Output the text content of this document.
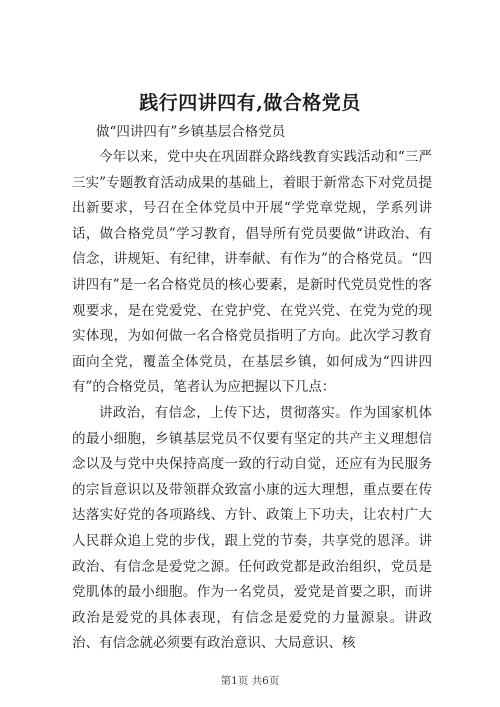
践行四讲四有,做合格党员

做“四讲四有”乡镇基层合格党员

今年以来，党中央在巩固群众路线教育实践活动和“三严三实”专题教育活动成果的基础上，着眼于新常态下对党员提出新要求，号召在全体党员中开展“学党章党规，学系列讲话，做合格党员”学习教育，倡导所有党员要做“讲政治、有信念，讲规矩、有纪律，讲奉献、有作为”的合格党员。“四讲四有”是一名合格党员的核心要素，是新时代党员党性的客观要求，是在党爱党、在党护党、在党兴党、在党为党的现实体现，为如何做一名合格党员指明了方向。此次学习教育面向全党，覆盖全体党员，在基层乡镇，如何成为“四讲四有”的合格党员，笔者认为应把握以下几点：

讲政治，有信念，上传下达，贯彻落实。作为国家机体的最小细胞，乡镇基层党员不仅要有坚定的共产主义理想信念以及与党中央保持高度一致的行动自觉，还应有为民服务的宗旨意识以及带领群众致富小康的远大理想，重点要在传达落实好党的各项路线、方针、政策上下功夫，让农村广大人民群众追上党的步伐，跟上党的节奏，共享党的恩泽。讲政治、有信念是爱党之源。任何政党都是政治组织，党员是党肌体的最小细胞。作为一名党员，爱党是首要之职，而讲政治是爱党的具体表现，有信念是爱党的力量源泉。讲政治、有信念就必须要有政治意识、大局意识、核

第1页 共6页
